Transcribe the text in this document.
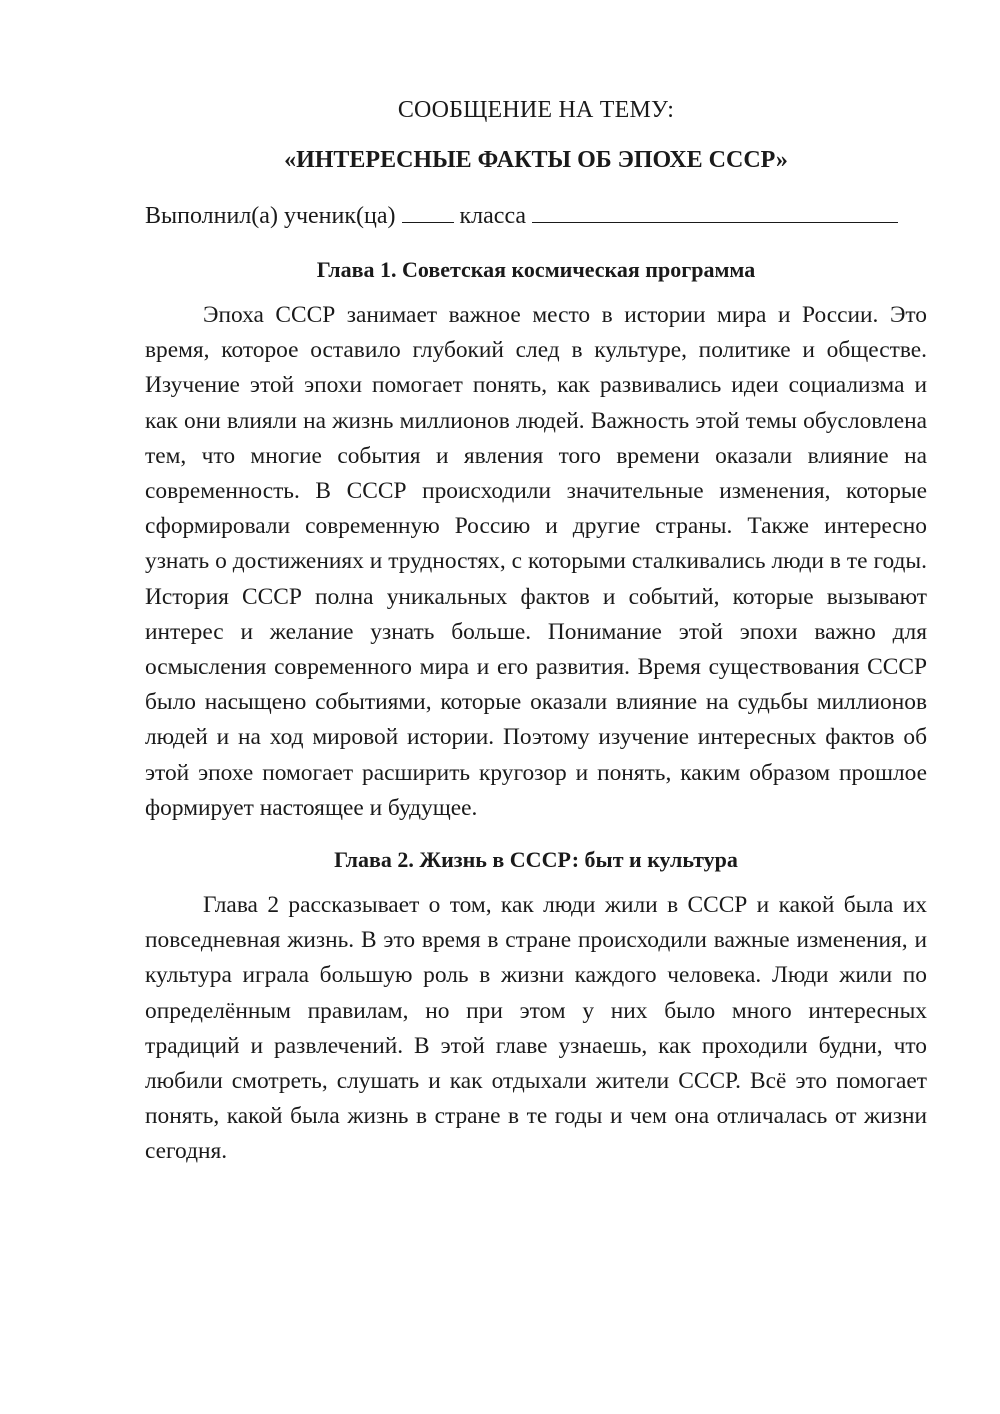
СООБЩЕНИЕ НА ТЕМУ:

«ИНТЕРЕСНЫЕ ФАКТЫ ОБ ЭПОХЕ СССР»

Выполнил(а) ученик(ца)	класса

Глава 1. Советская космическая программа

Эпоха СССР занимает важное место в истории мира и России. Это время, которое оставило глубокий след в культуре, политике и обществе. Изучение этой эпохи помогает понять, как развивались идеи социализма и как они влияли на жизнь миллионов людей. Важность этой темы обусловлена тем, что многие события и явления того времени оказали влияние на современность. В СССР происходили значительные изменения, которые сформировали современную Россию и другие страны. Также интересно узнать о достижениях и трудностях, с которыми сталкивались люди в те годы. История СССР полна уникальных фактов и событий, которые вызывают интерес и желание узнать больше. Понимание этой эпохи важно для осмысления современного мира и его развития. Время существования СССР было насыщено событиями, которые оказали влияние на судьбы миллионов людей и на ход мировой истории. Поэтому изучение интересных фактов об этой эпохе помогает расширить кругозор и понять, каким образом прошлое формирует настоящее и будущее.

Глава 2. Жизнь в СССР: быт и культура

Глава 2 рассказывает о том, как люди жили в СССР и какой была их повседневная жизнь. В это время в стране происходили важные изменения, и культура играла большую роль в жизни каждого человека. Люди жили по определённым правилам, но при этом у них было много интересных традиций и развлечений. В этой главе узнаешь, как проходили будни, что любили смотреть, слушать и как отдыхали жители СССР. Всё это помогает понять, какой была жизнь в стране в те годы и чем она отличалась от жизни сегодня.
